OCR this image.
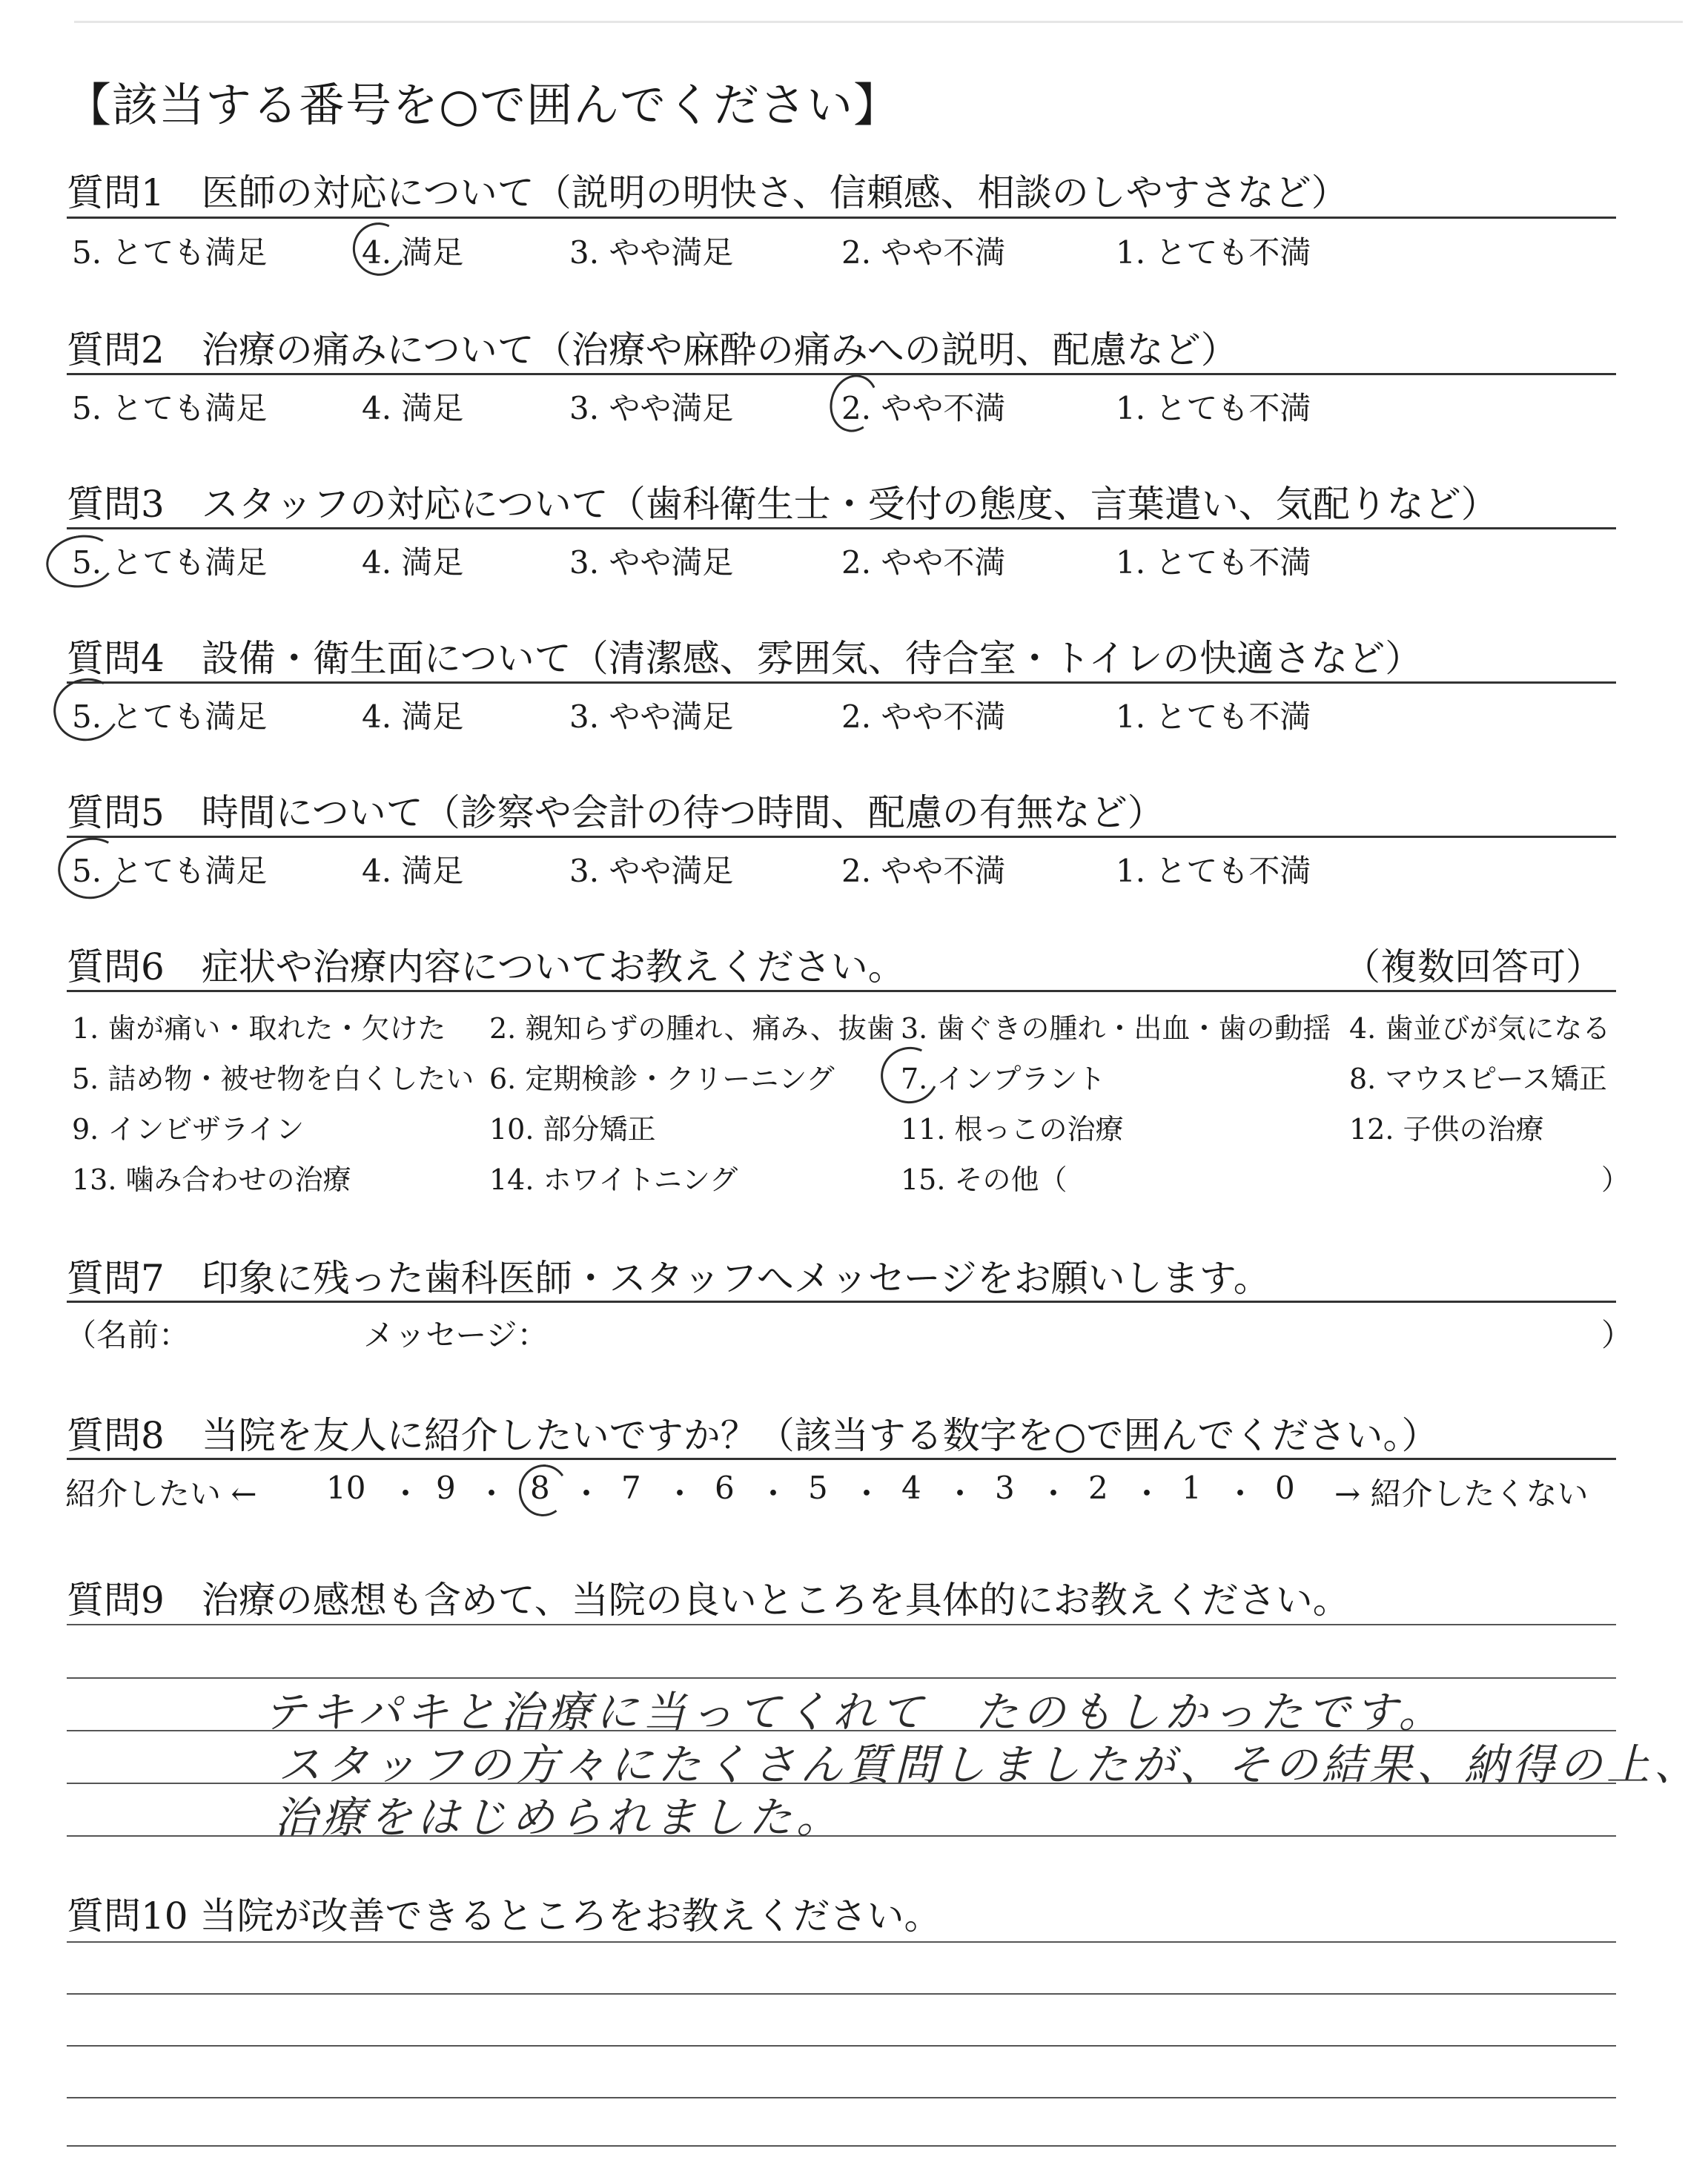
【該当する番号を○で囲んでください】
質問1　医師の対応について（説明の明快さ、信頼感、相談のしやすさなど）
5. とても満足	4. 満足	3. やや満足	2. やや不満	1. とても不満
質問2　治療の痛みについて（治療や麻酔の痛みへの説明、配慮など）
5. とても満足	4. 満足	3. やや満足	2. やや不満	1. とても不満
質問3　スタッフの対応について（歯科衛生士・受付の態度、言葉遣い、気配りなど）
5. とても満足	4. 満足	3. やや満足	2. やや不満	1. とても不満
質問4　設備・衛生面について（清潔感、雰囲気、待合室・トイレの快適さなど）
5. とても満足	4. 満足	3. やや満足	2. やや不満	1. とても不満
質問5　時間について（診察や会計の待つ時間、配慮の有無など）
5. とても満足	4. 満足	3. やや満足	2. やや不満	1. とても不満
質問6　症状や治療内容についてお教えください。	（複数回答可）
1. 歯が痛い・取れた・欠けた 2. 親知らずの腫れ、痛み、抜歯 3. 歯ぐきの腫れ・出血・歯の動揺 4. 歯並びが気になる
5. 詰め物・被せ物を白くしたい 6. 定期検診・クリーニング 7. インプラント	8. マウスピース矯正
9. インビザライン	10. 部分矯正	11. 根っこの治療	12. 子供の治療
13. 噛み合わせの治療	14. ホワイトニング	15. その他（	）
質問7　印象に残った歯科医師・スタッフへメッセージをお願いします。
（名前：	メッセージ：	）
質問8　当院を友人に紹介したいですか？（該当する数字を○で囲んでください。）
紹介したい ←	→ 紹介したくない
10 ・ 9 ・ 8 ・ 7 ・ 6 ・ 5 ・ 4 ・ 3 ・ 2 ・ 1 ・ 0
質問9　治療の感想も含めて、当院の良いところを具体的にお教えください。
テキパキと治療に当ってくれて　たのもしかったです。
スタッフの方々にたくさん質問しましたが、その結果、納得の上、
治療をはじめられました。
質問10 当院が改善できるところをお教えください。
